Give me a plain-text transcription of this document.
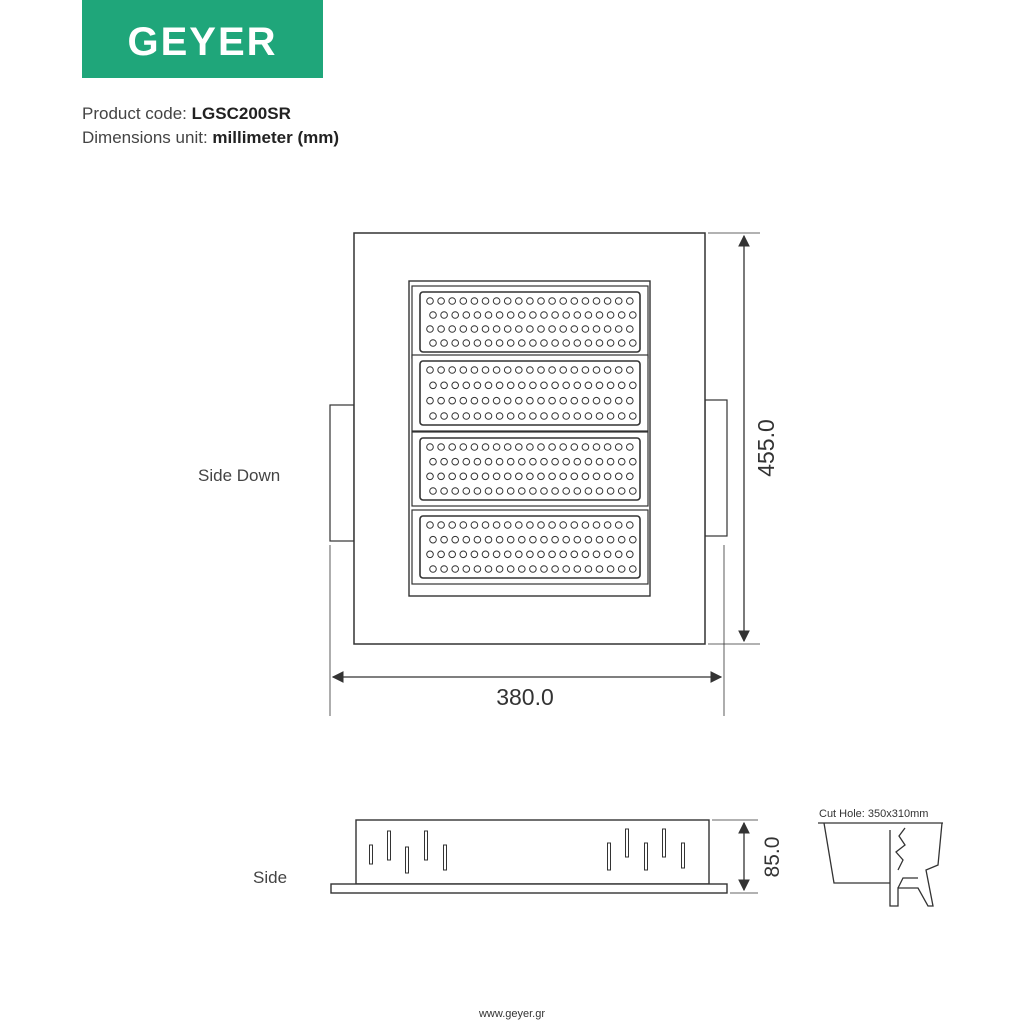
GEYER
Product code: LGSC200SR
Dimensions unit: millimeter (mm)
Side Down
Side
380.0
455.0
85.0
Cut Hole: 350x310mm
www.geyer.gr
